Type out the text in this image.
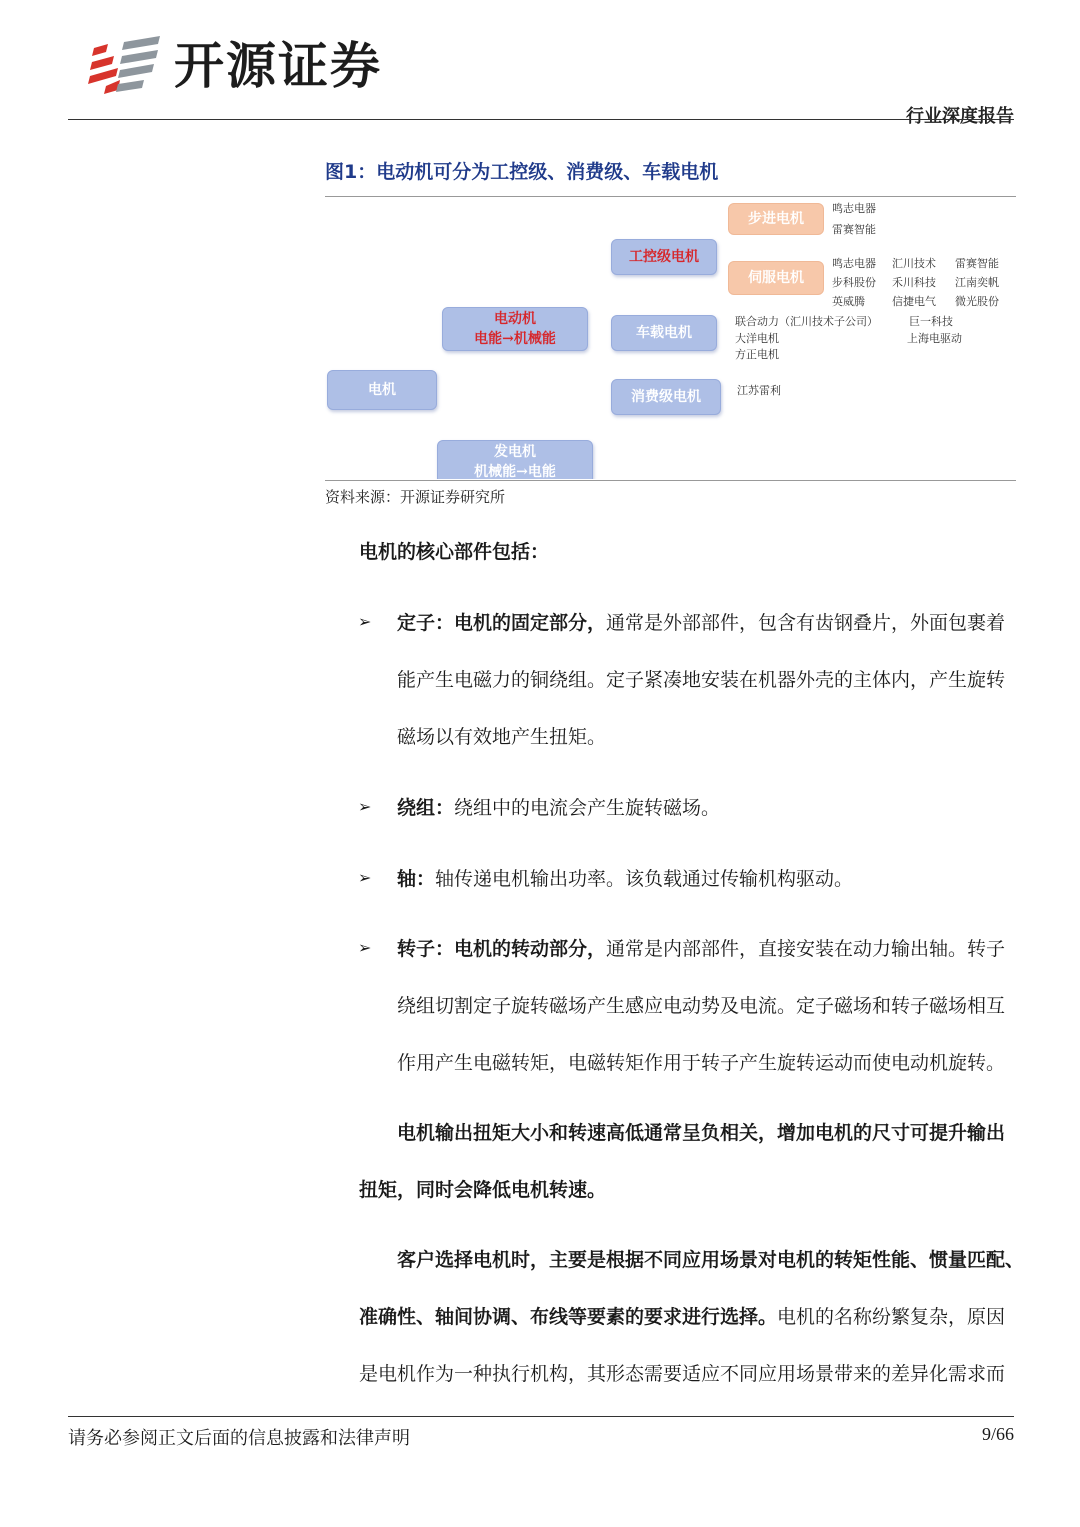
开源证券
行业深度报告
图1：电动机可分为工控级、消费级、车载电机
电机
电动机
电能→机械能
发电机
机械能→电能
工控级电机
车载电机
消费级电机
步进电机
伺服电机
鸣志电器
雷赛智能
鸣志电器 汇川技术 雷赛智能
步科股份 禾川科技 江南奕帆
英威腾 信捷电气 微光股份
联合动力（汇川技术子公司）	巨一科技
大洋电机	上海电驱动
方正电机
江苏雷利
资料来源：开源证券研究所
电机的核心部件包括：
➢ 定子：电机的固定部分，通常是外部部件，包含有齿钢叠片，外面包裹着
能产生电磁力的铜绕组。定子紧凑地安装在机器外壳的主体内，产生旋转
磁场以有效地产生扭矩。
➢ 绕组：绕组中的电流会产生旋转磁场。
➢ 轴：轴传递电机输出功率。该负载通过传输机构驱动。
➢ 转子：电机的转动部分，通常是内部部件，直接安装在动力输出轴。转子
绕组切割定子旋转磁场产生感应电动势及电流。定子磁场和转子磁场相互
作用产生电磁转矩，电磁转矩作用于转子产生旋转运动而使电动机旋转。
电机输出扭矩大小和转速高低通常呈负相关，增加电机的尺寸可提升输出
扭矩，同时会降低电机转速。
客户选择电机时，主要是根据不同应用场景对电机的转矩性能、惯量匹配、
准确性、轴间协调、布线等要素的要求进行选择。电机的名称纷繁复杂，原因
是电机作为一种执行机构，其形态需要适应不同应用场景带来的差异化需求而
请务必参阅正文后面的信息披露和法律声明	9/66
